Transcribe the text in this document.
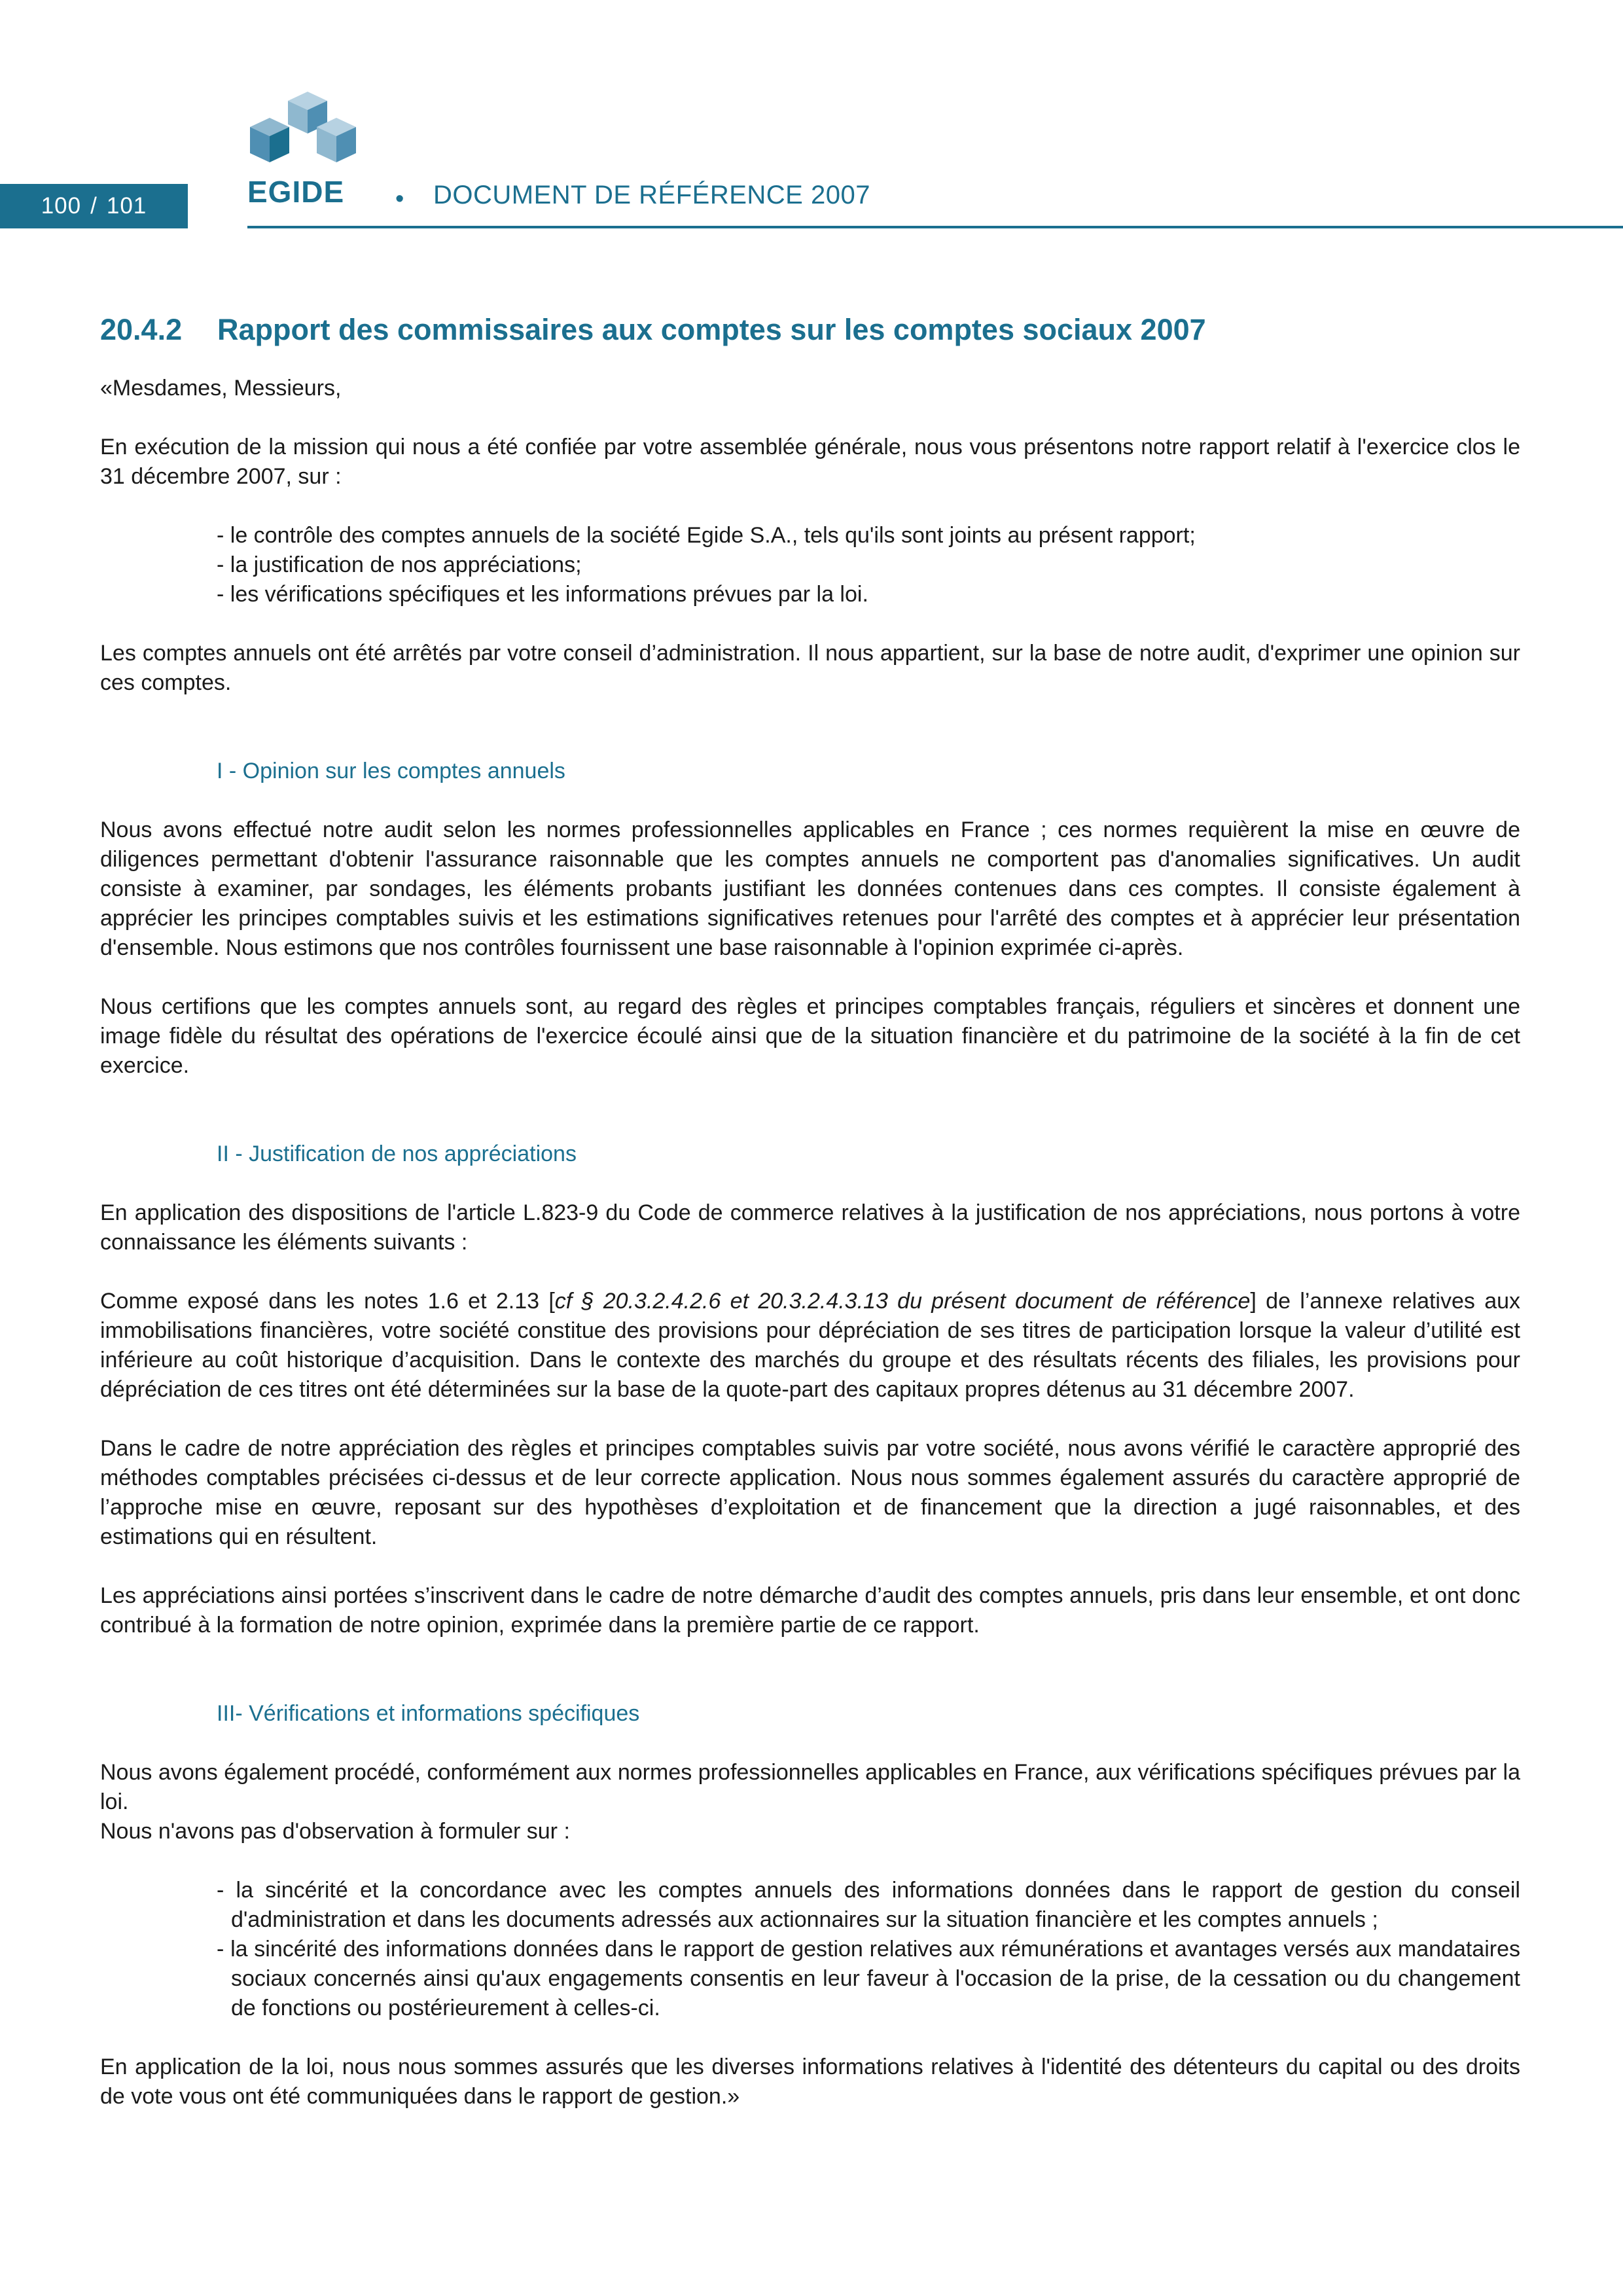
100 / 101	EGIDE • DOCUMENT DE RÉFÉRENCE 2007
20.4.2 Rapport des commissaires aux comptes sur les comptes sociaux 2007

«Mesdames, Messieurs,

En exécution de la mission qui nous a été confiée par votre assemblée générale, nous vous présentons notre rapport relatif à l'exercice clos le 31 décembre 2007, sur :

- le contrôle des comptes annuels de la société Egide S.A., tels qu'ils sont joints au présent rapport;
- la justification de nos appréciations;
- les vérifications spécifiques et les informations prévues par la loi.

Les comptes annuels ont été arrêtés par votre conseil d’administration. Il nous appartient, sur la base de notre audit, d'exprimer une opinion sur ces comptes.

I - Opinion sur les comptes annuels

Nous avons effectué notre audit selon les normes professionnelles applicables en France ; ces normes requièrent la mise en œuvre de diligences permettant d'obtenir l'assurance raisonnable que les comptes annuels ne comportent pas d'anomalies significatives. Un audit consiste à examiner, par sondages, les éléments probants justifiant les données contenues dans ces comptes. Il consiste également à apprécier les principes comptables suivis et les estimations significatives retenues pour l'arrêté des comptes et à apprécier leur présentation d'ensemble. Nous estimons que nos contrôles fournissent une base raisonnable à l'opinion exprimée ci-après.

Nous certifions que les comptes annuels sont, au regard des règles et principes comptables français, réguliers et sincères et donnent une image fidèle du résultat des opérations de l'exercice écoulé ainsi que de la situation financière et du patrimoine de la société à la fin de cet exercice.

II - Justification de nos appréciations

En application des dispositions de l'article L.823-9 du Code de commerce relatives à la justification de nos appréciations, nous portons à votre connaissance les éléments suivants :

Comme exposé dans les notes 1.6 et 2.13 [cf § 20.3.2.4.2.6 et 20.3.2.4.3.13 du présent document de référence] de l’annexe relatives aux immobilisations financières, votre société constitue des provisions pour dépréciation de ses titres de participation lorsque la valeur d’utilité est inférieure au coût historique d’acquisition. Dans le contexte des marchés du groupe et des résultats récents des filiales, les provisions pour dépréciation de ces titres ont été déterminées sur la base de la quote-part des capitaux propres détenus au 31 décembre 2007.

Dans le cadre de notre appréciation des règles et principes comptables suivis par votre société, nous avons vérifié le caractère approprié des méthodes comptables précisées ci-dessus et de leur correcte application. Nous nous sommes également assurés du caractère approprié de l’approche mise en œuvre, reposant sur des hypothèses d’exploitation et de financement que la direction a jugé raisonnables, et des estimations qui en résultent.

Les appréciations ainsi portées s’inscrivent dans le cadre de notre démarche d’audit des comptes annuels, pris dans leur ensemble, et ont donc contribué à la formation de notre opinion, exprimée dans la première partie de ce rapport.

III- Vérifications et informations spécifiques

Nous avons également procédé, conformément aux normes professionnelles applicables en France, aux vérifications spécifiques prévues par la loi.

Nous n'avons pas d'observation à formuler sur :

- la sincérité et la concordance avec les comptes annuels des informations données dans le rapport de gestion du conseil d'administration et dans les documents adressés aux actionnaires sur la situation financière et les comptes annuels ;
- la sincérité des informations données dans le rapport de gestion relatives aux rémunérations et avantages versés aux mandataires sociaux concernés ainsi qu'aux engagements consentis en leur faveur à l'occasion de la prise, de la cessation ou du changement de fonctions ou postérieurement à celles-ci.

En application de la loi, nous nous sommes assurés que les diverses informations relatives à l'identité des détenteurs du capital ou des droits de vote vous ont été communiquées dans le rapport de gestion.»
